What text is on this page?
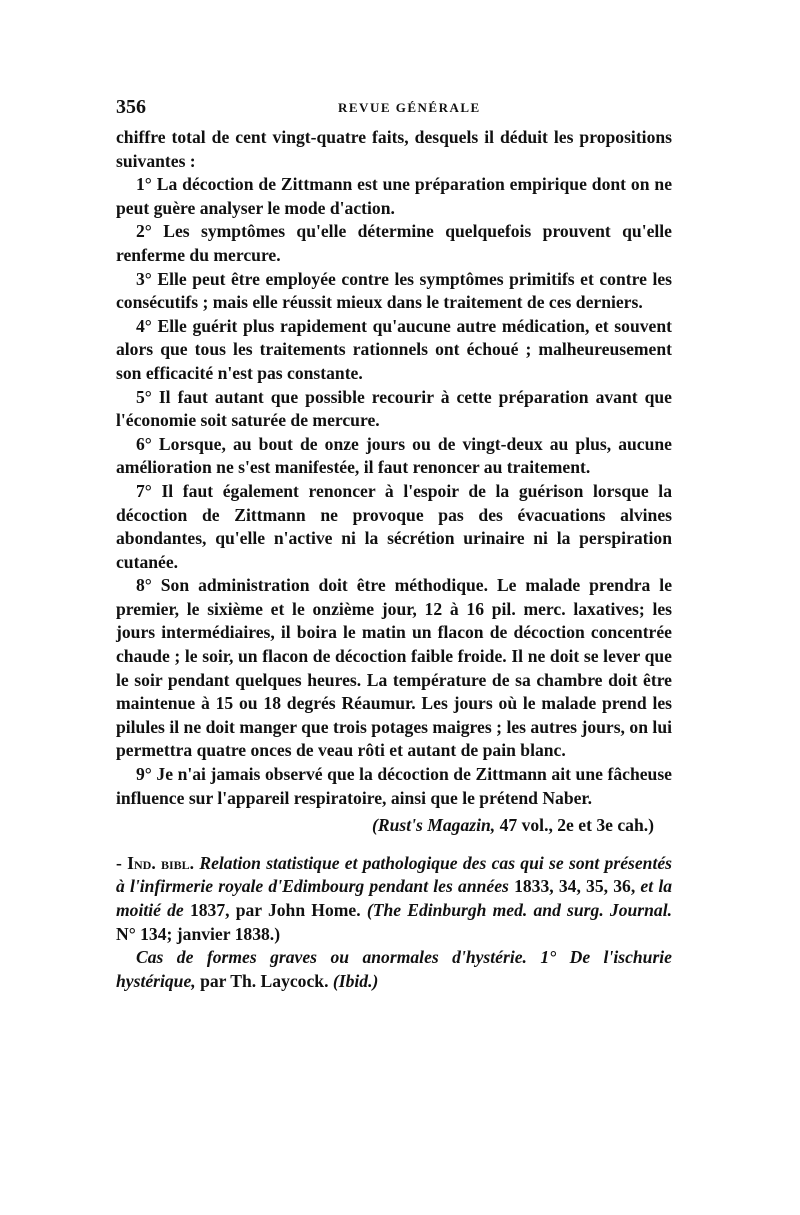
356	REVUE GÉNÉRALE

chiffre total de cent vingt-quatre faits, desquels il déduit les propositions suivantes :

1° La décoction de Zittmann est une préparation empirique dont on ne peut guère analyser le mode d'action.

2° Les symptômes qu'elle détermine quelquefois prouvent qu'elle renferme du mercure.

3° Elle peut être employée contre les symptômes primitifs et contre les consécutifs ; mais elle réussit mieux dans le traitement de ces derniers.

4° Elle guérit plus rapidement qu'aucune autre médication, et souvent alors que tous les traitements rationnels ont échoué ; malheureusement son efficacité n'est pas constante.

5° Il faut autant que possible recourir à cette préparation avant que l'économie soit saturée de mercure.

6° Lorsque, au bout de onze jours ou de vingt-deux au plus, aucune amélioration ne s'est manifestée, il faut renoncer au traitement.

7° Il faut également renoncer à l'espoir de la guérison lorsque la décoction de Zittmann ne provoque pas des évacuations alvines abondantes, qu'elle n'active ni la sécrétion urinaire ni la perspiration cutanée.

8° Son administration doit être méthodique. Le malade prendra le premier, le sixième et le onzième jour, 12 à 16 pil. merc. laxatives; les jours intermédiaires, il boira le matin un flacon de décoction concentrée chaude ; le soir, un flacon de décoction faible froide. Il ne doit se lever que le soir pendant quelques heures. La température de sa chambre doit être maintenue à 15 ou 18 degrés Réaumur. Les jours où le malade prend les pilules il ne doit manger que trois potages maigres ; les autres jours, on lui permettra quatre onces de veau rôti et autant de pain blanc.

9° Je n'ai jamais observé que la décoction de Zittmann ait une fâcheuse influence sur l'appareil respiratoire, ainsi que le prétend Naber.

(Rust's Magazin, 47 vol., 2e et 3e cah.)

- Ind. bibl. Relation statistique et pathologique des cas qui se sont présentés à l'infirmerie royale d'Edimbourg pendant les années 1833, 34, 35, 36, et la moitié de 1837, par John Home. (The Edinburgh med. and surg. Journal. N° 134; janvier 1838.)

Cas de formes graves ou anormales d'hystérie. 1° De l'ischurie hystérique, par Th. Laycock. (Ibid.)
